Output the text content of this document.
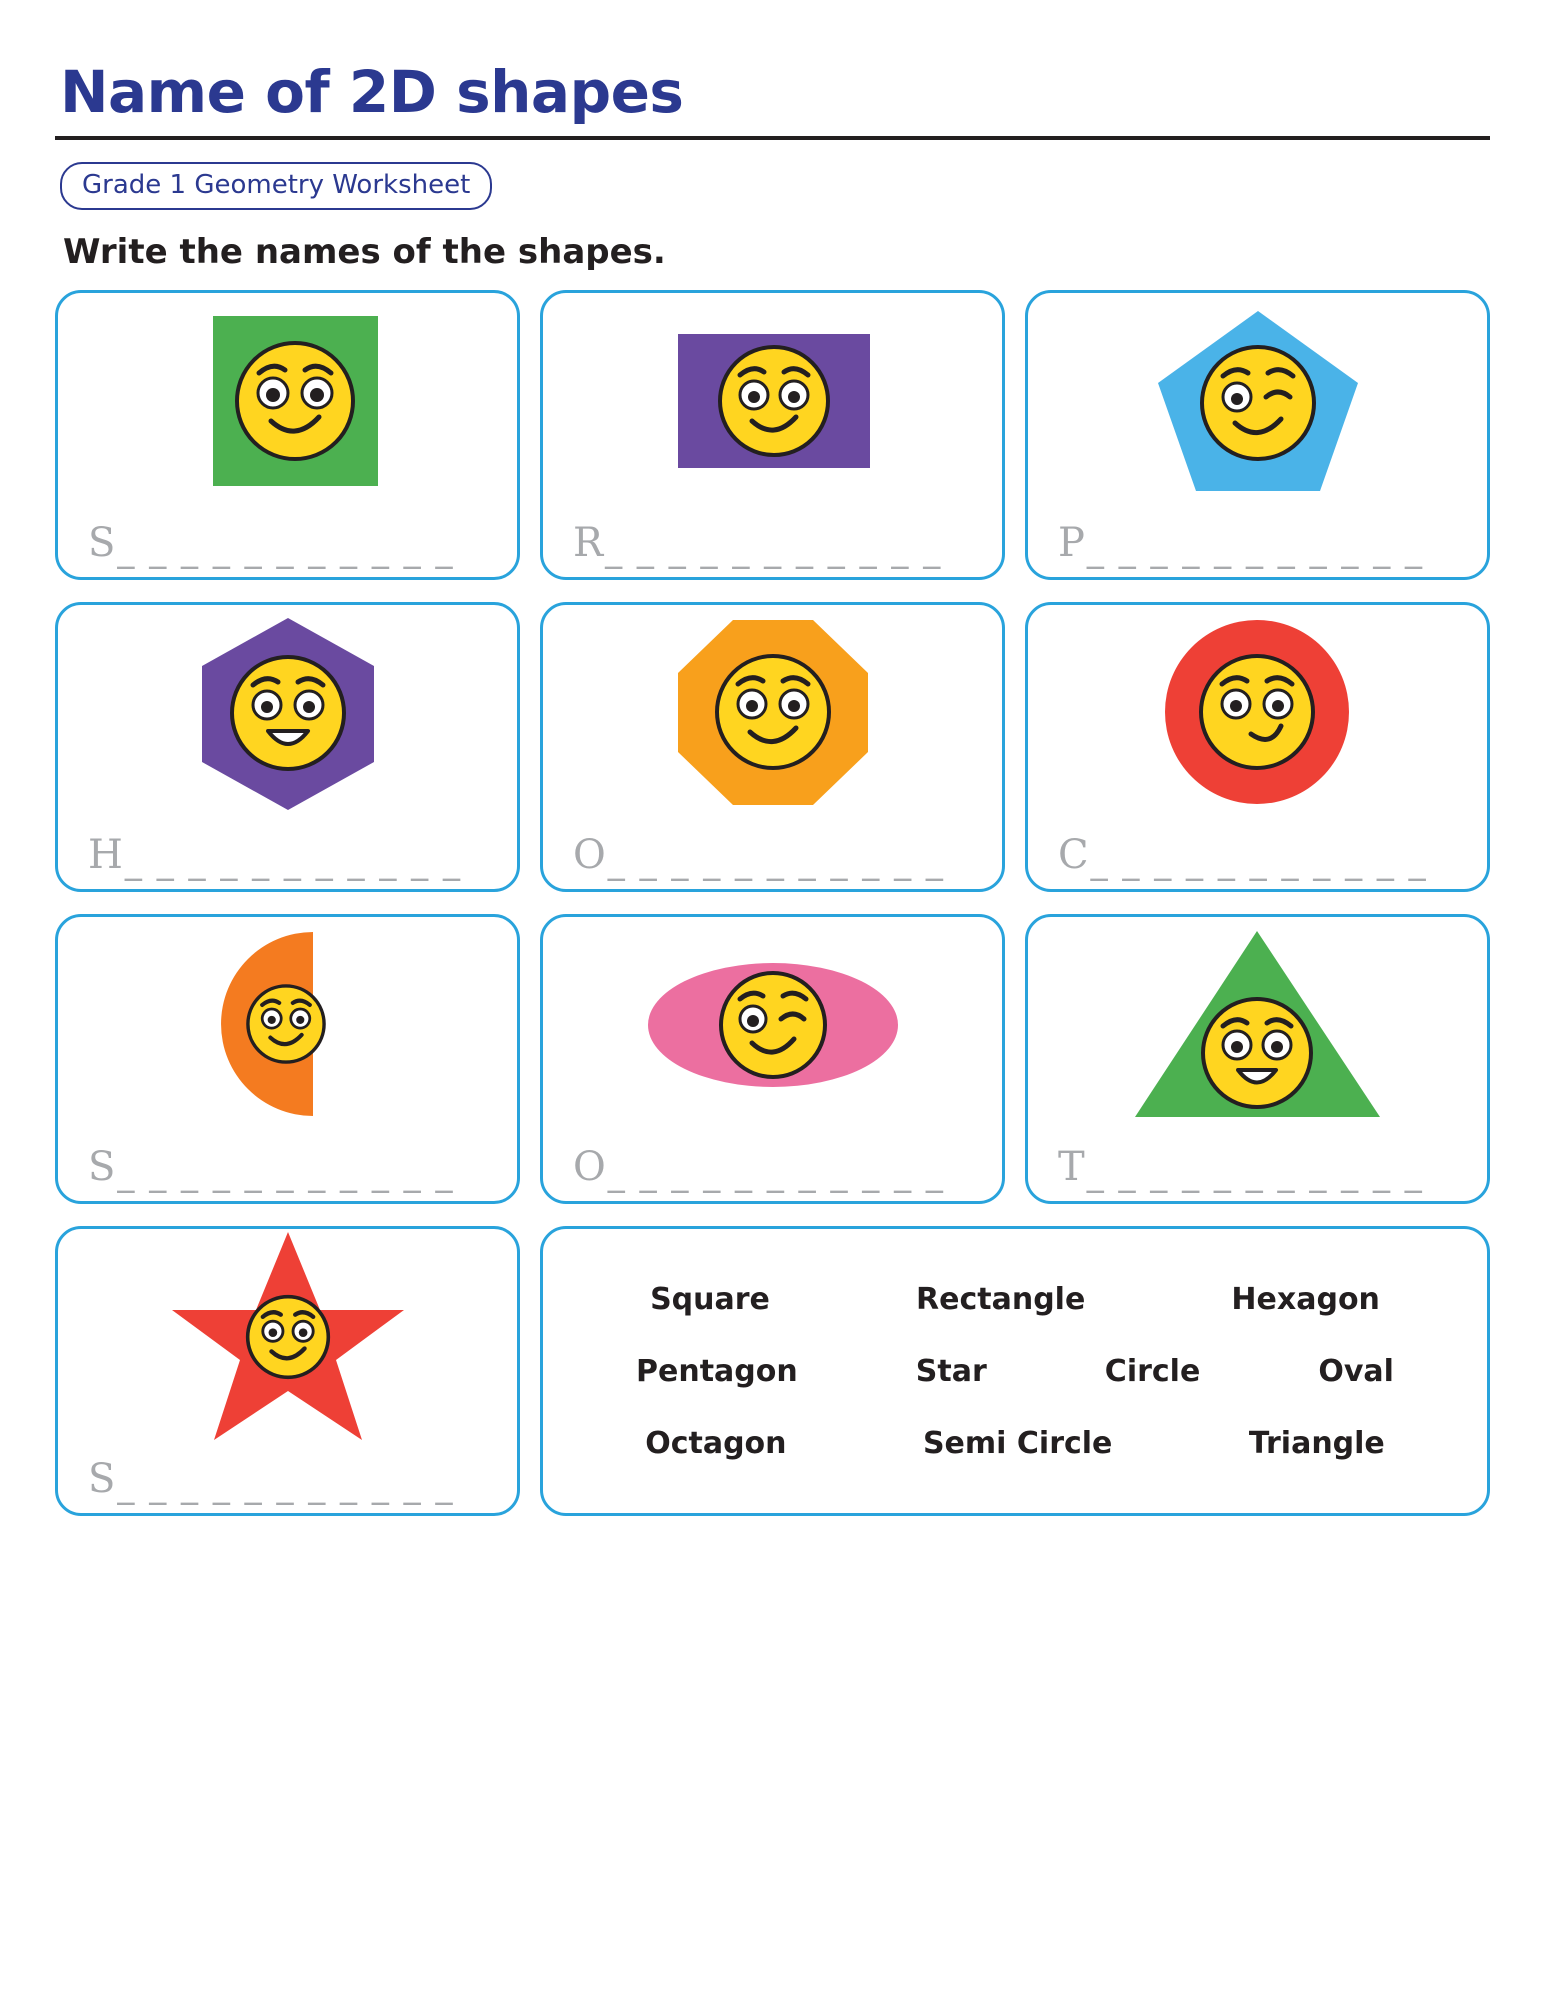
Name of 2D shapes
Grade 1 Geometry Worksheet
Write the names of the shapes.
S _ _ _ _ _ _ _ _ _ _ _	R _ _ _ _ _ _ _ _ _ _ _	P _ _ _ _ _ _ _ _ _ _ _
H _ _ _ _ _ _ _ _ _ _ _	O _ _ _ _ _ _ _ _ _ _ _	C _ _ _ _ _ _ _ _ _ _ _
S _ _ _ _ _ _ _ _ _ _ _	O _ _ _ _ _ _ _ _ _ _ _	T _ _ _ _ _ _ _ _ _ _ _
S _ _ _ _ _ _ _ _ _ _ _
Square	Rectangle	Hexagon
Pentagon	Star	Circle	Oval
Octagon	Semi Circle	Triangle
